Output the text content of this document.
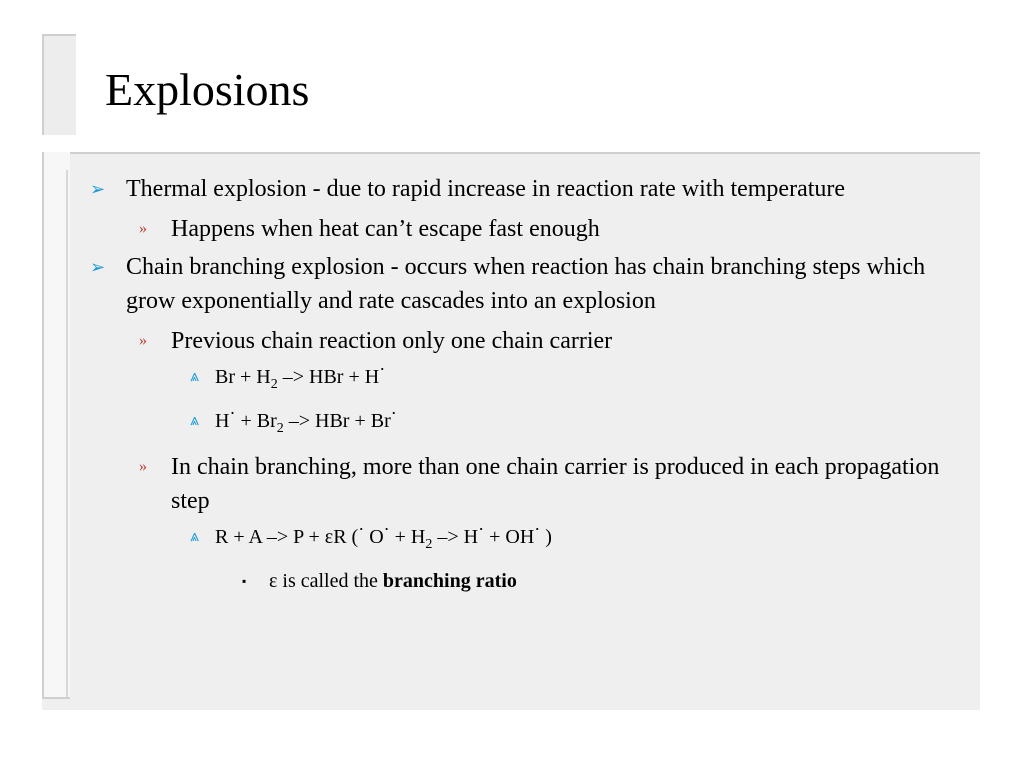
Explosions
➢ Thermal explosion - due to rapid increase in reaction rate with temperature
» Happens when heat can’t escape fast enough
➢ Chain branching explosion - occurs when reaction has chain branching steps which grow exponentially and rate cascades into an explosion
» Previous chain reaction only one chain carrier
⩓ $Br + H_2$ –> HBr + H·
⩓ $H\cdot + Br_2$ –> HBr + Br·
» In chain branching, more than one chain carrier is produced in each propagation step
⩓ R + A –> P + εR (· $O\cdot + H_2 -> H\cdot + OH\cdot$ )
▪ ε is called the branching ratio
